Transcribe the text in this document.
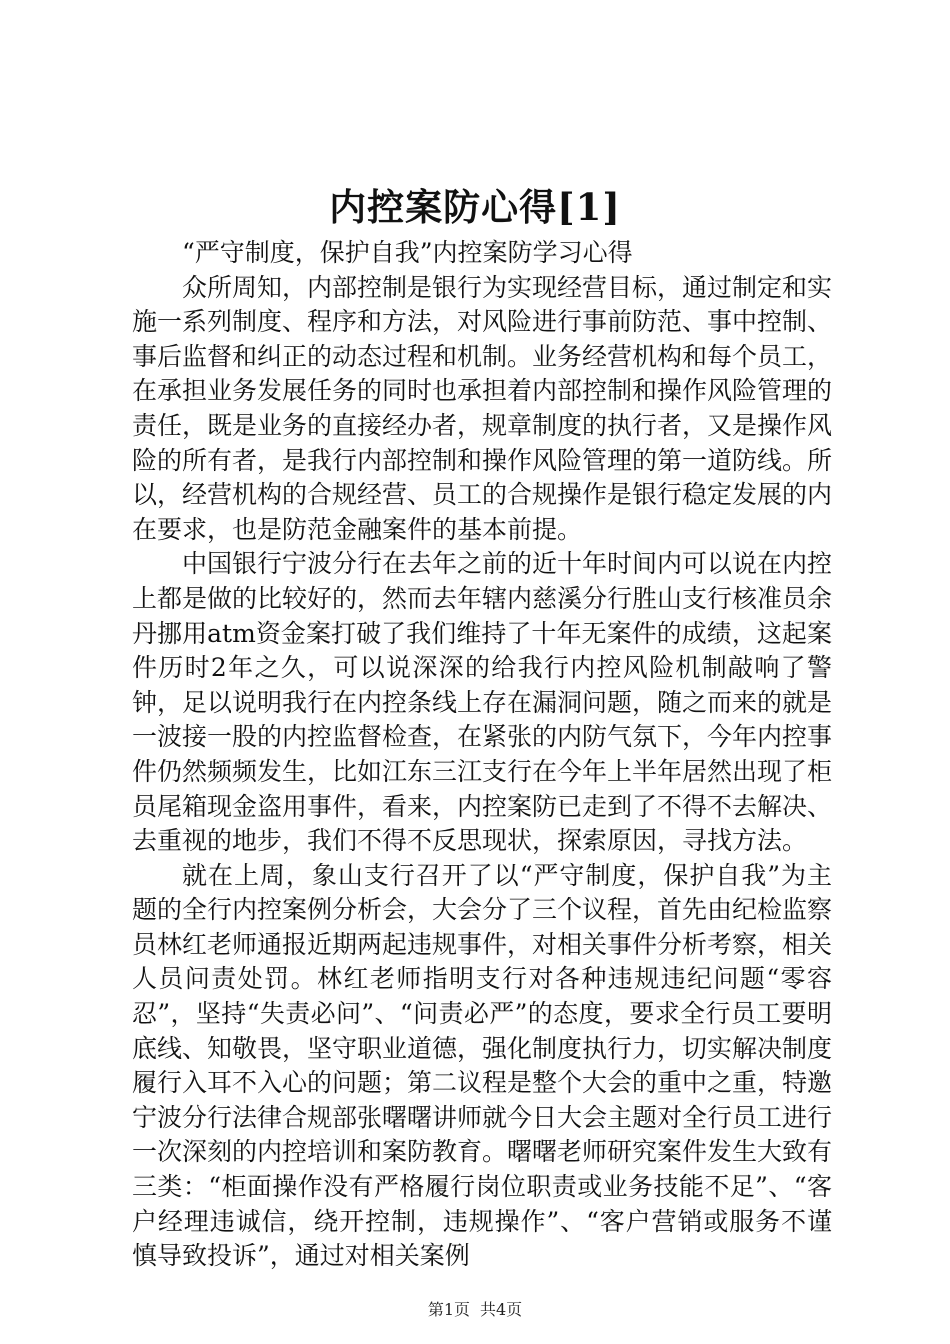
内控案防心得[1]

“严守制度，保护自我”内控案防学习心得

众所周知，内部控制是银行为实现经营目标，通过制定和实施一系列制度、程序和方法，对风险进行事前防范、事中控制、事后监督和纠正的动态过程和机制。业务经营机构和每个员工，在承担业务发展任务的同时也承担着内部控制和操作风险管理的责任，既是业务的直接经办者，规章制度的执行者，又是操作风险的所有者，是我行内部控制和操作风险管理的第一道防线。所以，经营机构的合规经营、员工的合规操作是银行稳定发展的内在要求，也是防范金融案件的基本前提。

中国银行宁波分行在去年之前的近十年时间内可以说在内控上都是做的比较好的，然而去年辖内慈溪分行胜山支行核准员余丹挪用atm资金案打破了我们维持了十年无案件的成绩，这起案件历时2年之久，可以说深深的给我行内控风险机制敲响了警钟，足以说明我行在内控条线上存在漏洞问题，随之而来的就是一波接一股的内控监督检查，在紧张的内防气氛下，今年内控事件仍然频频发生，比如江东三江支行在今年上半年居然出现了柜员尾箱现金盗用事件，看来，内控案防已走到了不得不去解决、去重视的地步，我们不得不反思现状，探索原因，寻找方法。

就在上周，象山支行召开了以“严守制度，保护自我”为主题的全行内控案例分析会，大会分了三个议程，首先由纪检监察员林红老师通报近期两起违规事件，对相关事件分析考察，相关人员问责处罚。林红老师指明支行对各种违规违纪问题“零容忍”，坚持“失责必问”、“问责必严”的态度，要求全行员工要明底线、知敬畏，坚守职业道德，强化制度执行力，切实解决制度履行入耳不入心的问题；第二议程是整个大会的重中之重，特邀宁波分行法律合规部张曙曙讲师就今日大会主题对全行员工进行一次深刻的内控培训和案防教育。曙曙老师研究案件发生大致有三类：“柜面操作没有严格履行岗位职责或业务技能不足”、“客户经理违诚信，绕开控制，违规操作”、“客户营销或服务不谨慎导致投诉”，通过对相关案例

第1页 共4页
